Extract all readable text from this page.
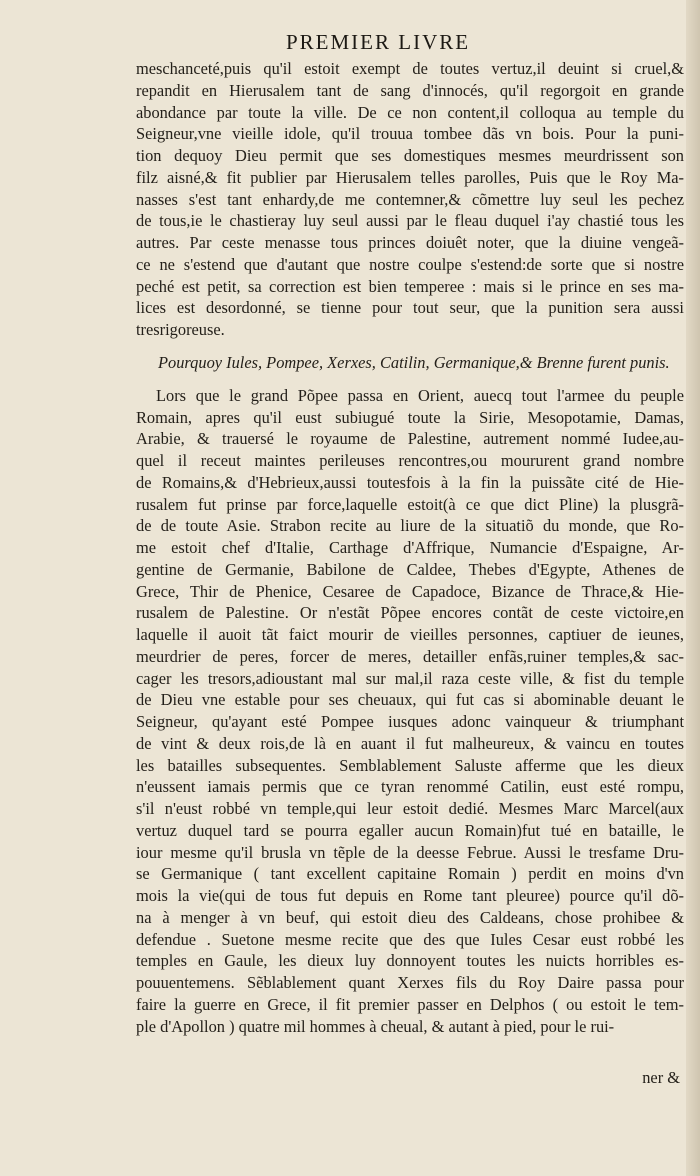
PREMIER LIVRE
meschanceté,puis qu'il estoit exempt de toutes vertuz,il deuint si cruel,&
repandit en Hierusalem tant de sang d'innocés, qu'il regorgoit en grande
abondance par toute la ville. De ce non content,il colloqua au temple du
Seigneur,vne vieille idole, qu'il trouua tombee dãs vn bois. Pour la puni-
tion dequoy Dieu permit que ses domestiques mesmes meurdrissent son
filz aisné,& fit publier par Hierusalem telles parolles, Puis que le Roy Ma-
nasses s'est tant enhardy,de me contemner,& cõmettre luy seul les pechez
de tous,ie le chastieray luy seul aussi par le fleau duquel i'ay chastié tous les
autres. Par ceste menasse tous princes doiuêt noter, que la diuine vengeã-
ce ne s'estend que d'autant que nostre coulpe s'estend:de sorte que si nostre
peché est petit, sa correction est bien temperee : mais si le prince en ses ma-
lices est desordonné, se tienne pour tout seur, que la punition sera aussi
tresrigoreuse.
Pourquoy Iules, Pompee, Xerxes, Catilin, Germanique,& Brenne furent punis.
Lors que le grand Põpee passa en Orient, auecq tout l'armee du peuple
Romain, apres qu'il eust subiugué toute la Sirie, Mesopotamie, Damas,
Arabie, & trauersé le royaume de Palestine, autrement nommé Iudee,au-
quel il receut maintes perileuses rencontres,ou moururent grand nombre
de Romains,& d'Hebrieux,aussi toutesfois à la fin la puissãte cité de Hie-
rusalem fut prinse par force,laquelle estoit(à ce que dict Pline) la plusgrã-
de de toute Asie. Strabon recite au liure de la situatiõ du monde, que Ro-
me estoit chef d'Italie, Carthage d'Affrique, Numancie d'Espaigne, Ar-
gentine de Germanie, Babilone de Caldee, Thebes d'Egypte, Athenes de
Grece, Thir de Phenice, Cesaree de Capadoce, Bizance de Thrace,& Hie-
rusalem de Palestine. Or n'estãt Põpee encores contãt de ceste victoire,en
laquelle il auoit tãt faict mourir de vieilles personnes, captiuer de ieunes,
meurdrier de peres, forcer de meres, detailler enfãs,ruiner temples,& sac-
cager les tresors,adioustant mal sur mal,il raza ceste ville, & fist du temple
de Dieu vne estable pour ses cheuaux, qui fut cas si abominable deuant le
Seigneur, qu'ayant esté Pompee iusques adonc vainqueur & triumphant
de vint & deux rois,de là en auant il fut malheureux, & vaincu en toutes
les batailles subsequentes. Semblablement Saluste afferme que les dieux
n'eussent iamais permis que ce tyran renommé Catilin, eust esté rompu,
s'il n'eust robbé vn temple,qui leur estoit dedié. Mesmes Marc Marcel(aux
vertuz duquel tard se pourra egaller aucun Romain)fut tué en bataille, le
iour mesme qu'il brusla vn tẽple de la deesse Februe. Aussi le tresfame Dru-
se Germanique ( tant excellent capitaine Romain ) perdit en moins d'vn
mois la vie(qui de tous fut depuis en Rome tant pleuree) pource qu'il dõ-
na à menger à vn beuf, qui estoit dieu des Caldeans, chose prohibee &
defendue . Suetone mesme recite que des que Iules Cesar eust robbé les
temples en Gaule, les dieux luy donnoyent toutes les nuicts horribles es-
pouuentemens. Sẽblablement quant Xerxes fils du Roy Daire passa pour
faire la guerre en Grece, il fit premier passer en Delphos ( ou estoit le tem-
ple d'Apollon ) quatre mil hommes à cheual, & autant à pied, pour le rui-
ner &
